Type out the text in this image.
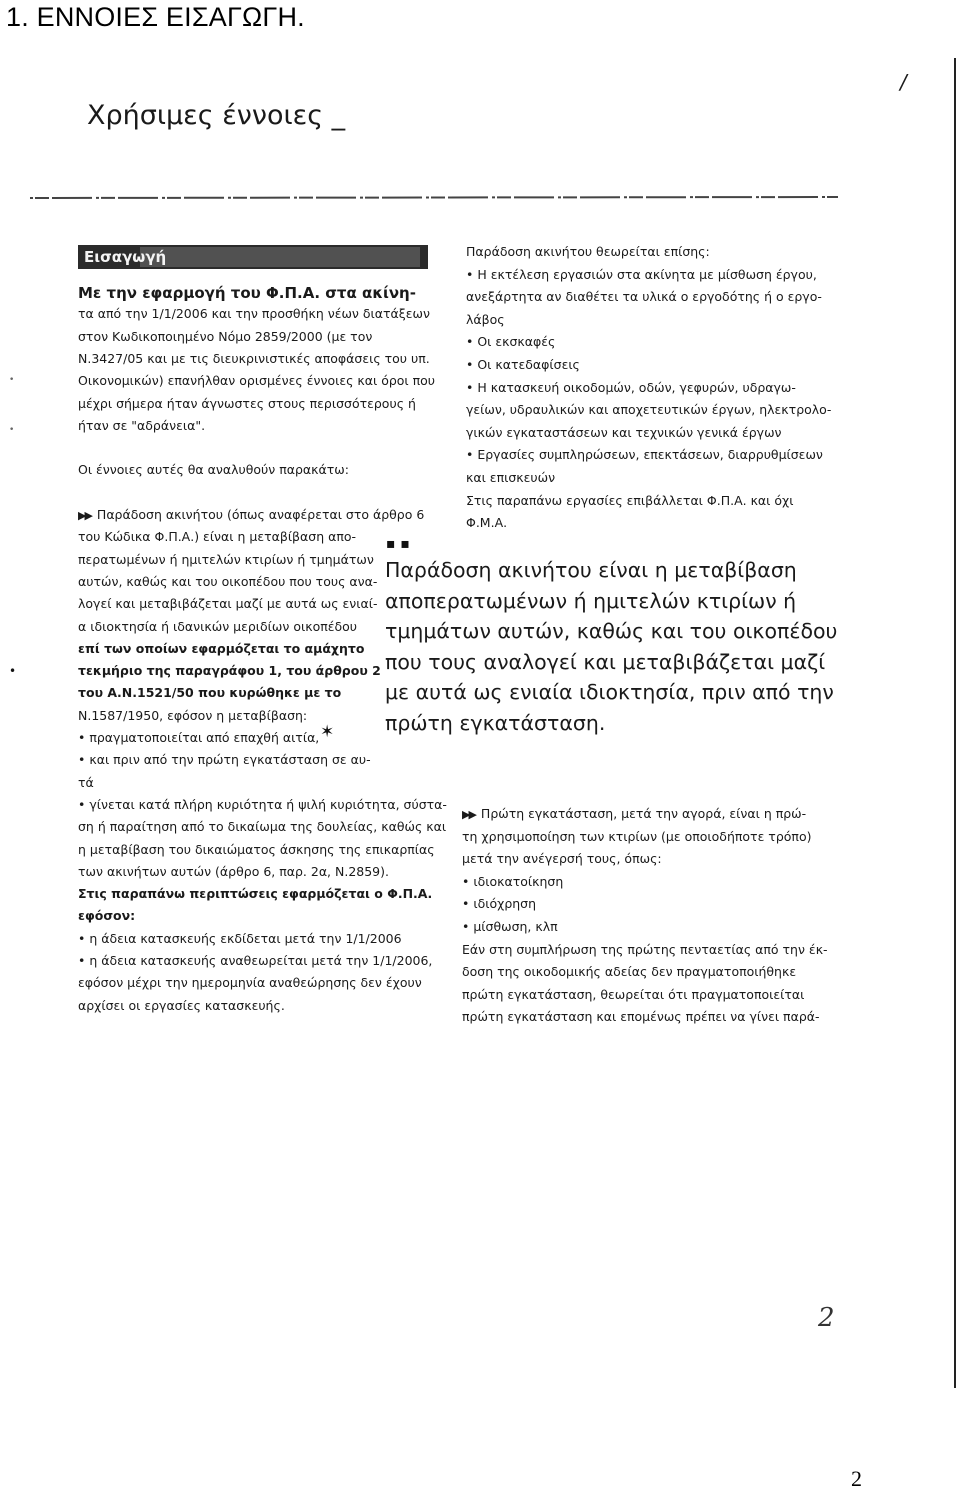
1. ΕΝΝΟΙΕΣ ΕΙΣΑΓΩΓΗ.
▪ ▪
✶
•
•
•
/
Χρήσιμες έννοιες _
Εισαγωγή
Με την εφαρμογή του Φ.Π.Α. στα ακίνη-
τα από την 1/1/2006 και την προσθήκη νέων διατάξεων
στον Κωδικοποιημένο Νόμο 2859/2000 (με τον
Ν.3427/05 και με τις διευκρινιστικές αποφάσεις του υπ.
Οικονομικών) επανήλθαν ορισμένες έννοιες και όροι που
μέχρι σήμερα ήταν άγνωστες στους περισσότερους ή
ήταν σε "αδράνεια".
Οι έννοιες αυτές θα αναλυθούν παρακάτω:
▶▶ Παράδοση ακινήτου (όπως αναφέρεται στο άρθρο 6
του Κώδικα Φ.Π.Α.) είναι η μεταβίβαση απο-
περατωμένων ή ημιτελών κτιρίων ή τμημάτων
αυτών, καθώς και του οικοπέδου που τους ανα-
λογεί και μεταβιβάζεται μαζί με αυτά ως ενιαί-
α ιδιοκτησία ή ιδανικών μεριδίων οικοπέδου
επί των οποίων εφαρμόζεται το αμάχητο
τεκμήριο της παραγράφου 1, του άρθρου 2
του Α.Ν.1521/50 που κυρώθηκε με το
Ν.1587/1950, εφόσον η μεταβίβαση:
• πραγματοποιείται από επαχθή αιτία,
• και πριν από την πρώτη εγκατάσταση σε αυ-
τά
• γίνεται κατά πλήρη κυριότητα ή ψιλή κυριότητα, σύστα-
ση ή παραίτηση από το δικαίωμα της δουλείας, καθώς και
η μεταβίβαση του δικαιώματος άσκησης της επικαρπίας
των ακινήτων αυτών (άρθρο 6, παρ. 2α, Ν.2859).
Στις παραπάνω περιπτώσεις εφαρμόζεται ο Φ.Π.Α.
εφόσον:
• η άδεια κατασκευής εκδίδεται μετά την 1/1/2006
• η άδεια κατασκευής αναθεωρείται μετά την 1/1/2006,
εφόσον μέχρι την ημερομηνία αναθεώρησης δεν έχουν
αρχίσει οι εργασίες κατασκευής.
Παράδοση ακινήτου θεωρείται επίσης:
• Η εκτέλεση εργασιών στα ακίνητα με μίσθωση έργου,
ανεξάρτητα αν διαθέτει τα υλικά ο εργοδότης ή ο εργο-
λάβος
• Οι εκσκαφές
• Οι κατεδαφίσεις
• Η κατασκευή οικοδομών, οδών, γεφυρών, υδραγω-
γείων, υδραυλικών και αποχετευτικών έργων, ηλεκτρολο-
γικών εγκαταστάσεων και τεχνικών γενικά έργων
• Εργασίες συμπληρώσεων, επεκτάσεων, διαρρυθμίσεων
και επισκευών
Στις παραπάνω εργασίες επιβάλλεται Φ.Π.Α. και όχι
Φ.Μ.Α.
Παράδοση ακινήτου είναι η μεταβίβαση
αποπερατωμένων ή ημιτελών κτιρίων ή
τμημάτων αυτών, καθώς και του οικοπέδου
που τους αναλογεί και μεταβιβάζεται μαζί
με αυτά ως ενιαία ιδιοκτησία, πριν από την
πρώτη εγκατάσταση.
▶▶ Πρώτη εγκατάσταση, μετά την αγορά, είναι η πρώ-
τη χρησιμοποίηση των κτιρίων (με οποιοδήποτε τρόπο)
μετά την ανέγερσή τους, όπως:
• ιδιοκατοίκηση
• ιδιόχρηση
• μίσθωση, κλπ
Εάν στη συμπλήρωση της πρώτης πενταετίας από την έκ-
δοση της οικοδομικής αδείας δεν πραγματοποιήθηκε
πρώτη εγκατάσταση, θεωρείται ότι πραγματοποιείται
πρώτη εγκατάσταση και επομένως πρέπει να γίνει παρά-
2
2
